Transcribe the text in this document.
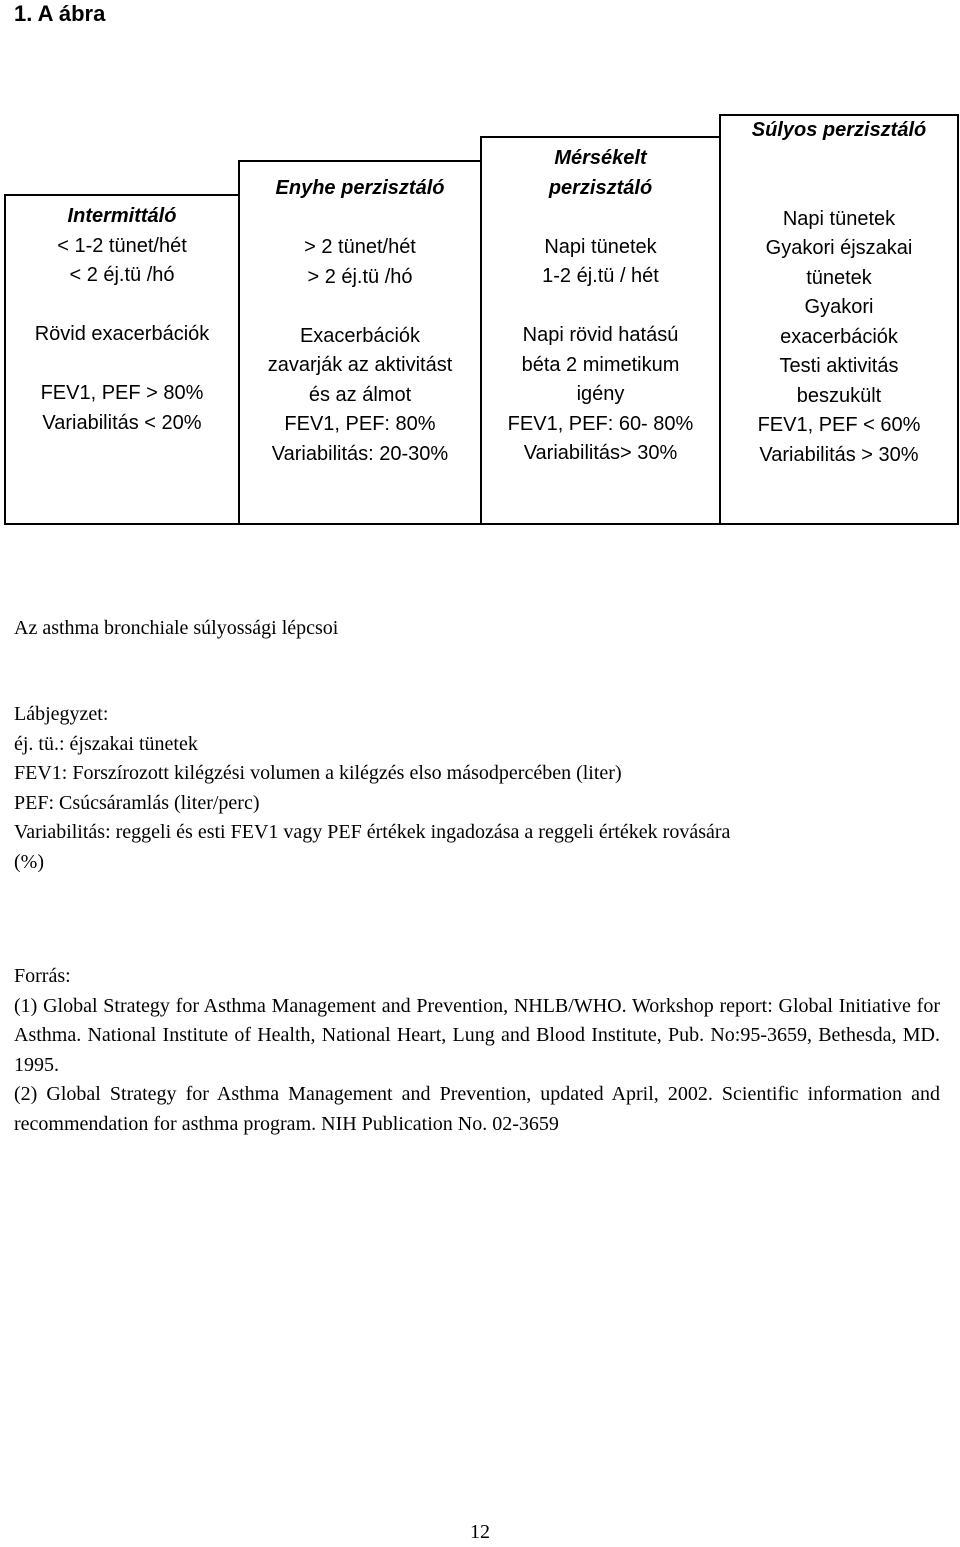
1. A ábra
Intermittáló
< 1-2 tünet/hét
< 2 éj.tü /hó
Rövid exacerbációk
FEV1, PEF > 80%
Variabilitás < 20%
Enyhe perzisztáló
> 2 tünet/hét
> 2 éj.tü /hó
Exacerbációk
zavarják az aktivitást
és az álmot
FEV1, PEF: 80%
Variabilitás: 20-30%
Mérsékelt
perzisztáló
Napi tünetek
1-2 éj.tü / hét
Napi rövid hatású
béta 2 mimetikum
igény
FEV1, PEF: 60- 80%
Variabilitás> 30%
Súlyos perzisztáló
Napi tünetek
Gyakori éjszakai
tünetek
Gyakori
exacerbációk
Testi aktivitás
beszukült
FEV1, PEF < 60%
Variabilitás > 30%

Az asthma bronchiale súlyossági lépcsoi

Lábjegyzet:
éj. tü.: éjszakai tünetek
FEV1: Forszírozott kilégzési volumen a kilégzés elso másodpercében (liter)
PEF: Csúcsáramlás (liter/perc)
Variabilitás: reggeli és esti FEV1 vagy PEF értékek ingadozása a reggeli értékek rovására
(%)
Forrás:
(1) Global Strategy for Asthma Management and Prevention, NHLB/WHO. Workshop report: Global Initiative for Asthma. National Institute of Health, National Heart, Lung and Blood Institute, Pub. No:95-3659, Bethesda, MD. 1995.
(2) Global Strategy for Asthma Management and Prevention, updated April, 2002. Scientific information and recommendation for asthma program. NIH Publication No. 02-3659
12
